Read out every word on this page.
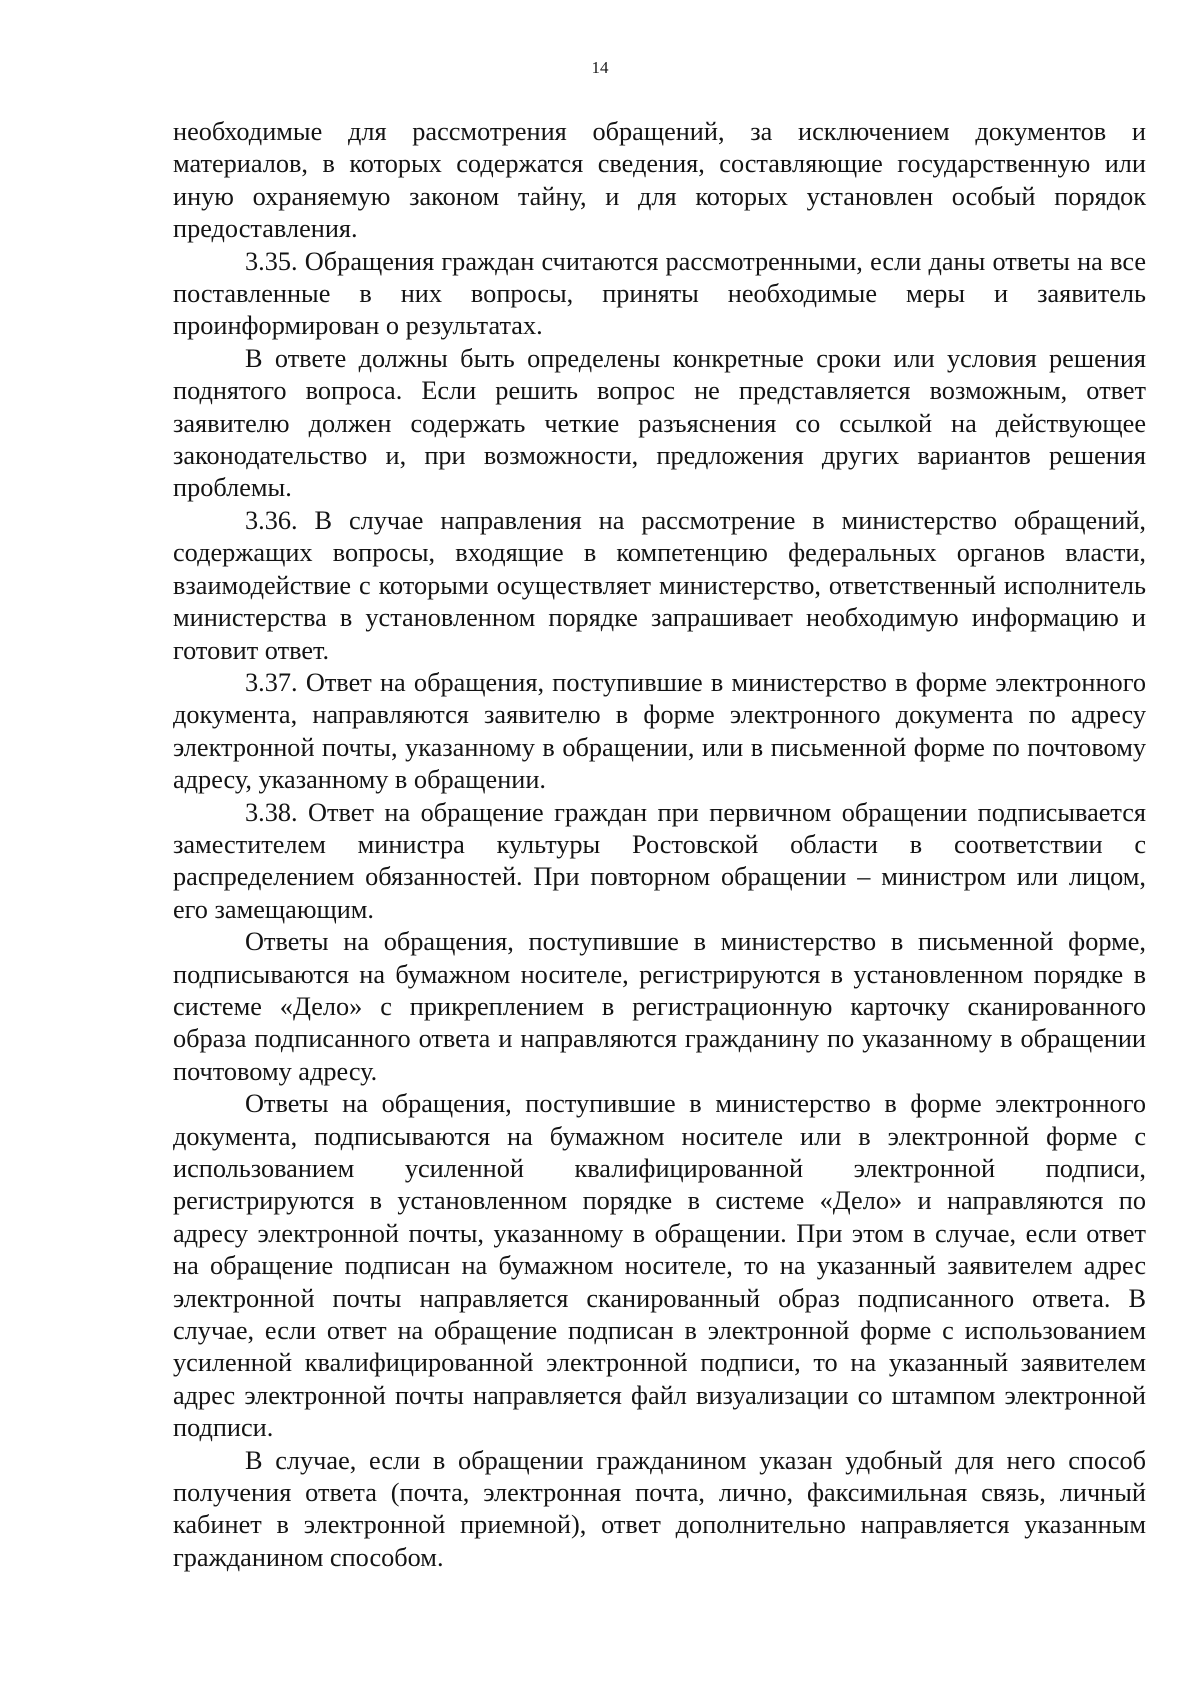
14

необходимые для рассмотрения обращений, за исключением документов и материалов, в которых содержатся сведения, составляющие государственную или иную охраняемую законом тайну, и для которых установлен особый порядок предоставления.

3.35. Обращения граждан считаются рассмотренными, если даны ответы на все поставленные в них вопросы, приняты необходимые меры и заявитель проинформирован о результатах.

В ответе должны быть определены конкретные сроки или условия решения поднятого вопроса. Если решить вопрос не представляется возможным, ответ заявителю должен содержать четкие разъяснения со ссылкой на действующее законодательство и, при возможности, предложения других вариантов решения проблемы.

3.36. В случае направления на рассмотрение в министерство обращений, содержащих вопросы, входящие в компетенцию федеральных органов власти, взаимодействие с которыми осуществляет министерство, ответственный исполнитель министерства в установленном порядке запрашивает необходимую информацию и готовит ответ.

3.37. Ответ на обращения, поступившие в министерство в форме электронного документа, направляются заявителю в форме электронного документа по адресу электронной почты, указанному в обращении, или в письменной форме по почтовому адресу, указанному в обращении.

3.38. Ответ на обращение граждан при первичном обращении подписывается заместителем министра культуры Ростовской области в соответствии с распределением обязанностей. При повторном обращении – министром или лицом, его замещающим.

Ответы на обращения, поступившие в министерство в письменной форме, подписываются на бумажном носителе, регистрируются в установленном порядке в системе «Дело» с прикреплением в регистрационную карточку сканированного образа подписанного ответа и направляются гражданину по указанному в обращении почтовому адресу.

Ответы на обращения, поступившие в министерство в форме электронного документа, подписываются на бумажном носителе или в электронной форме с использованием усиленной квалифицированной электронной подписи, регистрируются в установленном порядке в системе «Дело» и направляются по адресу электронной почты, указанному в обращении. При этом в случае, если ответ на обращение подписан на бумажном носителе, то на указанный заявителем адрес электронной почты направляется сканированный образ подписанного ответа. В случае, если ответ на обращение подписан в электронной форме с использованием усиленной квалифицированной электронной подписи, то на указанный заявителем адрес электронной почты направляется файл визуализации со штампом электронной подписи.

В случае, если в обращении гражданином указан удобный для него способ получения ответа (почта, электронная почта, лично, факсимильная связь, личный кабинет в электронной приемной), ответ дополнительно направляется указанным гражданином способом.
